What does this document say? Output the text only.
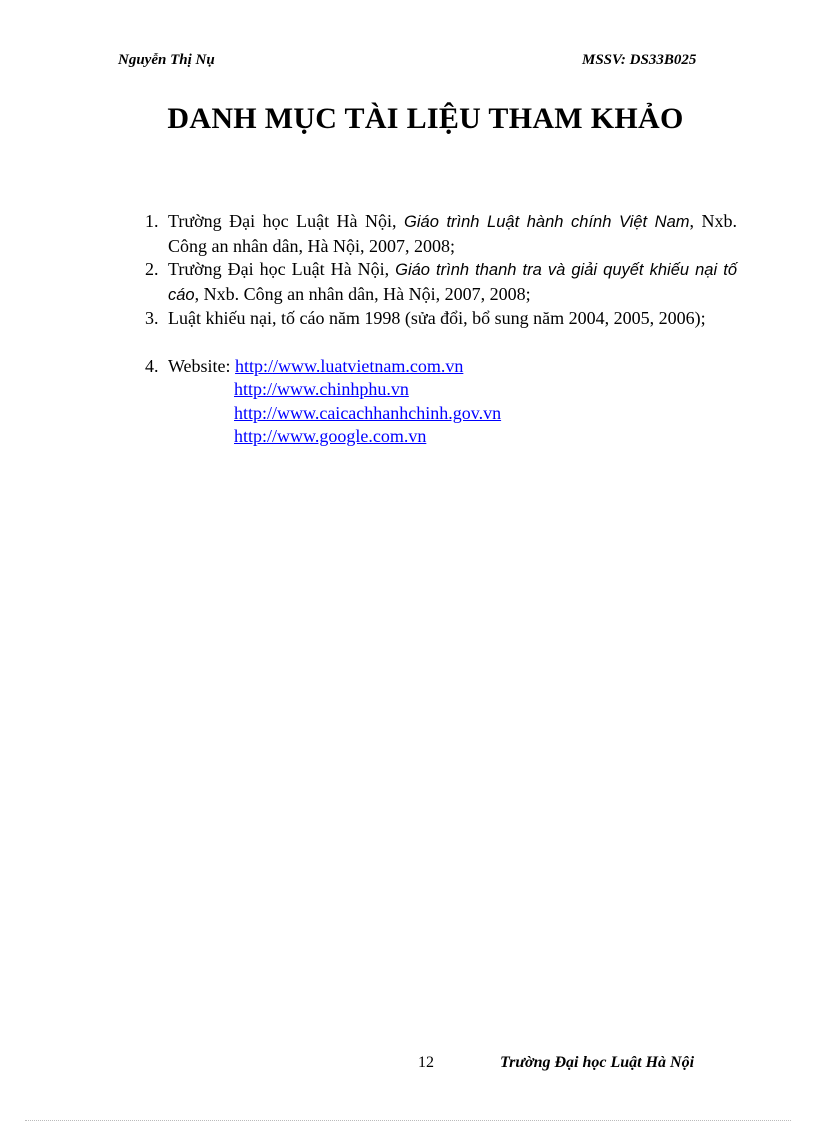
Nguyễn Thị Nụ	MSSV: DS33B025
DANH MỤC TÀI LIỆU THAM KHẢO
1. Trường Đại học Luật Hà Nội, Giáo trình Luật hành chính Việt Nam, Nxb. Công an nhân dân, Hà Nội, 2007, 2008;
2. Trường Đại học Luật Hà Nội, Giáo trình thanh tra và giải quyết khiếu nại tố cáo, Nxb. Công an nhân dân, Hà Nội, 2007, 2008;
3. Luật khiếu nại, tố cáo năm 1998 (sửa đổi, bổ sung năm 2004, 2005, 2006);
4. Website: http://www.luatvietnam.com.vn
http://www.chinhphu.vn
http://www.caicachhanhchinh.gov.vn
http://www.google.com.vn
12	Trường Đại học Luật Hà Nội
